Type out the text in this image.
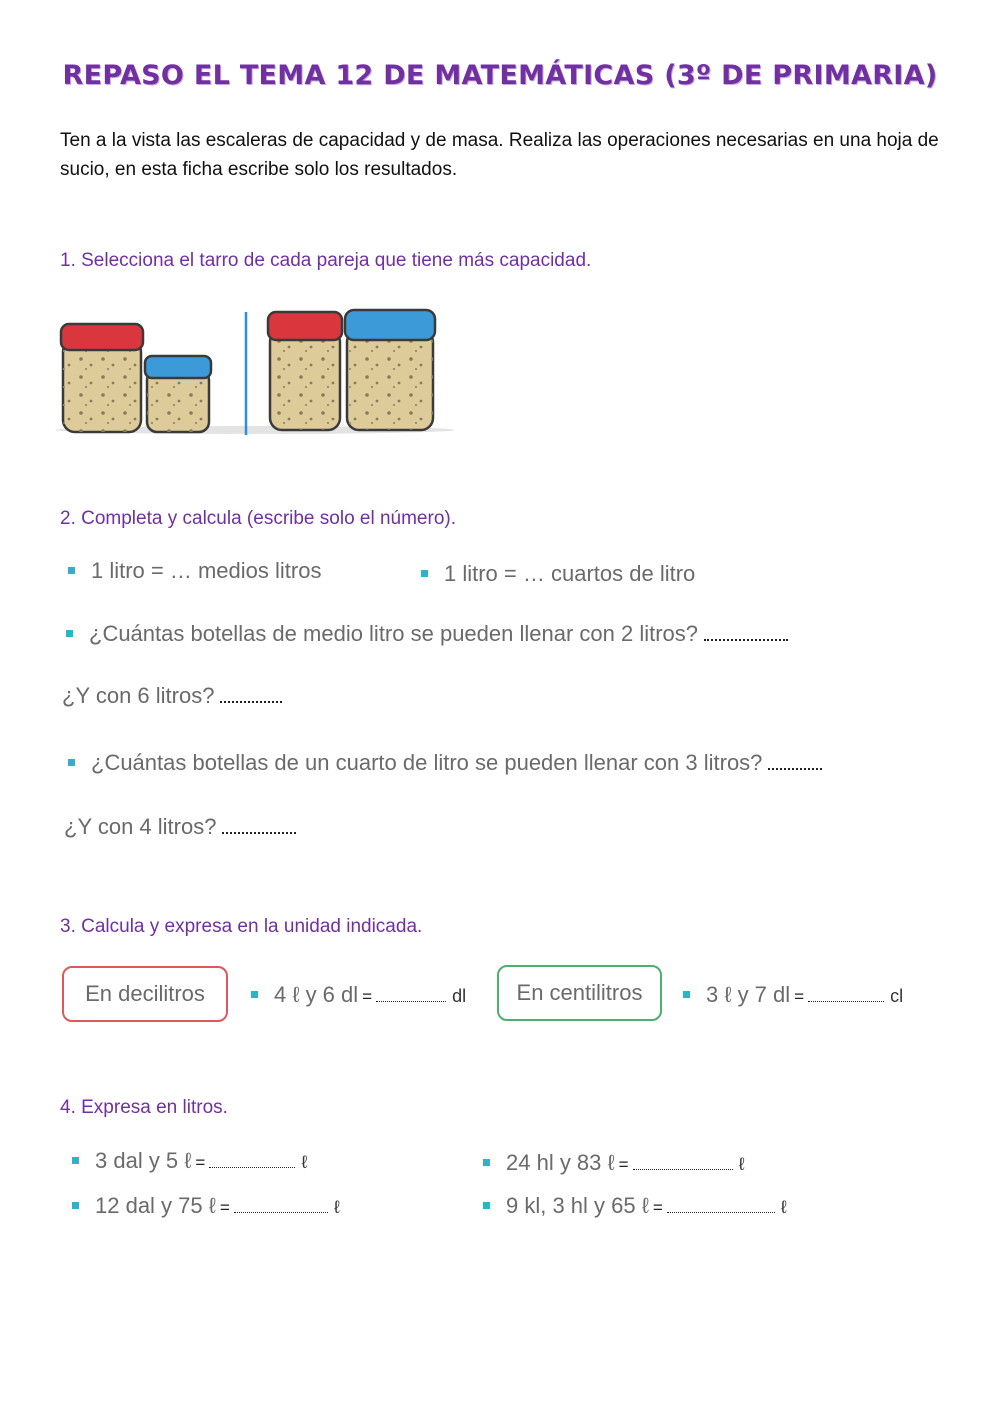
REPASO EL TEMA 12 DE MATEMÁTICAS (3º DE PRIMARIA)
Ten a la vista las escaleras de capacidad y de masa. Realiza las operaciones necesarias en una hoja de sucio, en esta ficha escribe solo los resultados.
1. Selecciona el tarro de cada pareja que tiene más capacidad.
2. Completa y calcula (escribe solo el número).
1 litro = … medios litros	1 litro = … cuartos de litro
¿Cuántas botellas de medio litro se pueden llenar con 2 litros?
¿Y con 6 litros?
¿Cuántas botellas de un cuarto de litro se pueden llenar con 3 litros?
¿Y con 4 litros?
3. Calcula y expresa en la unidad indicada.
En decilitros	4 ℓ y 6 dl =	dl	En centilitros	3 ℓ y 7 dl =	cl
4. Expresa en litros.
3 dal y 5 ℓ =	ℓ	24 hl y 83 ℓ =	ℓ
12 dal y 75 ℓ =	ℓ	9 kl, 3 hl y 65 ℓ =	ℓ
